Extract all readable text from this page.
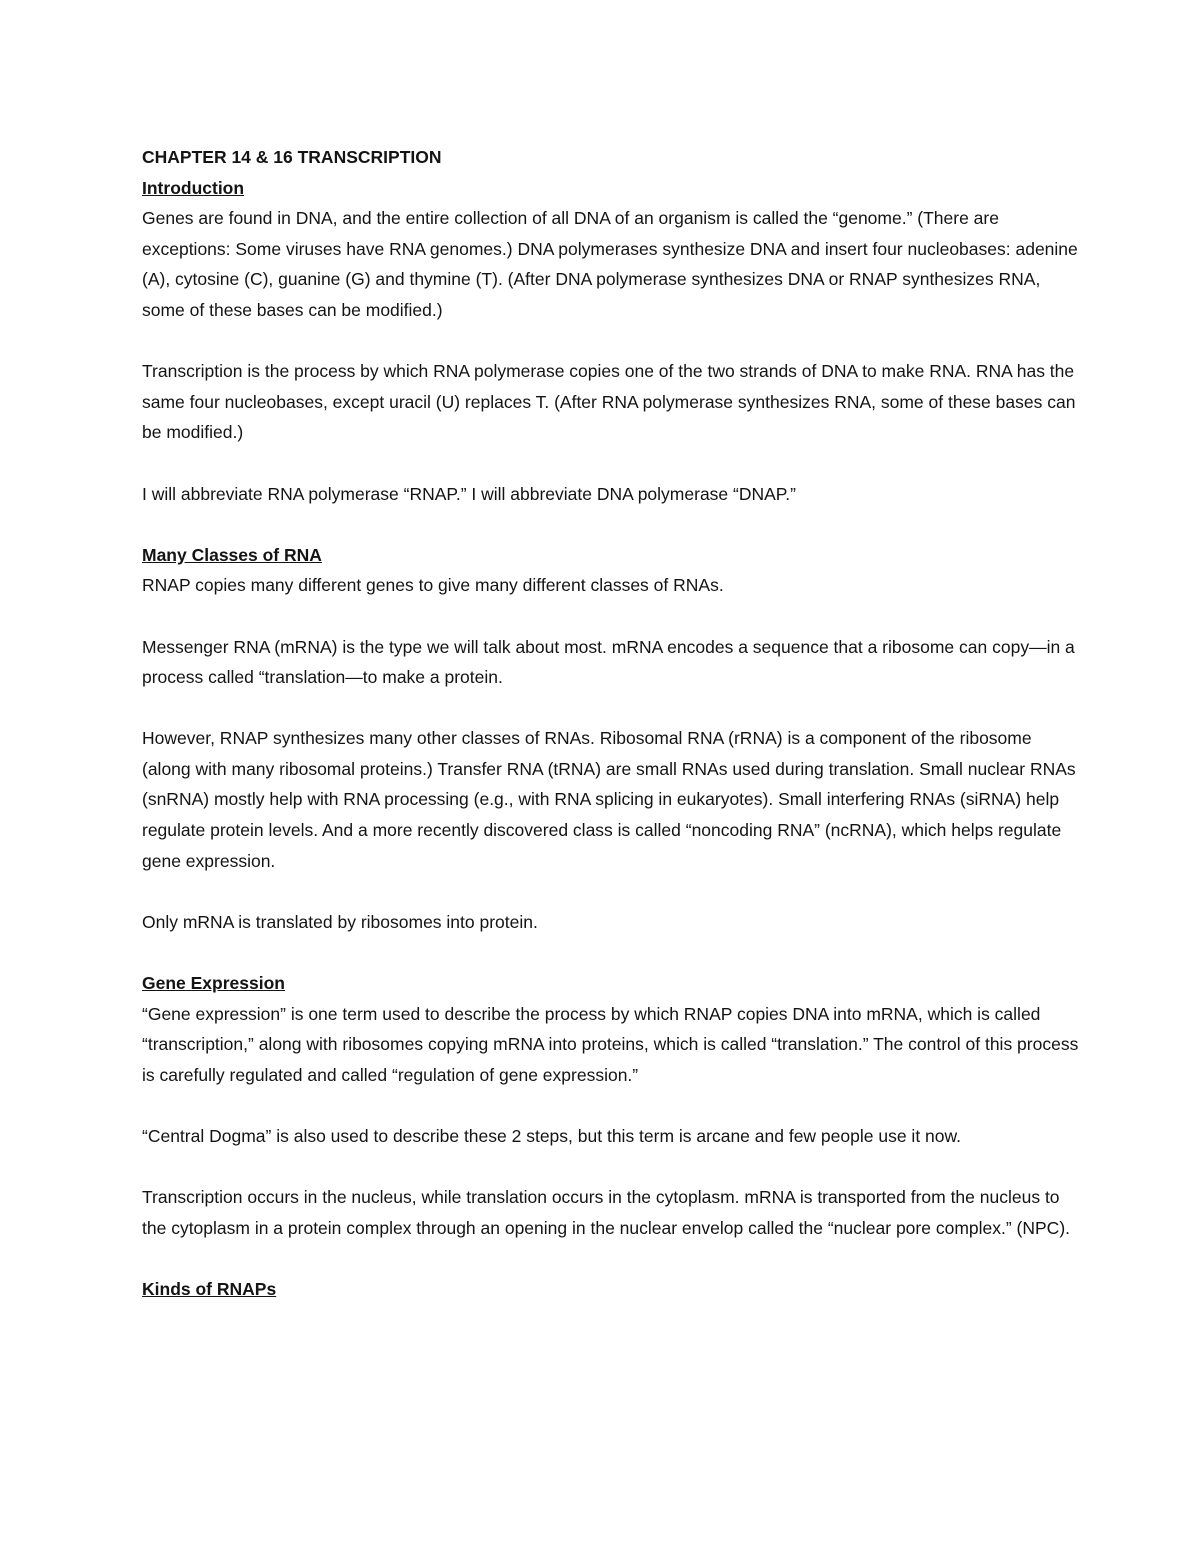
CHAPTER 14 & 16 TRANSCRIPTION

Introduction

Genes are found in DNA, and the entire collection of all DNA of an organism is called the “genome.” (There are exceptions: Some viruses have RNA genomes.) DNA polymerases synthesize DNA and insert four nucleobases: adenine (A), cytosine (C), guanine (G) and thymine (T). (After DNA polymerase synthesizes DNA or RNAP synthesizes RNA, some of these bases can be modified.)

Transcription is the process by which RNA polymerase copies one of the two strands of DNA to make RNA. RNA has the same four nucleobases, except uracil (U) replaces T. (After RNA polymerase synthesizes RNA, some of these bases can be modified.)

I will abbreviate RNA polymerase “RNAP.” I will abbreviate DNA polymerase “DNAP.”

Many Classes of RNA

RNAP copies many different genes to give many different classes of RNAs.

Messenger RNA (mRNA) is the type we will talk about most. mRNA encodes a sequence that a ribosome can copy—in a process called “translation—to make a protein.

However, RNAP synthesizes many other classes of RNAs. Ribosomal RNA (rRNA) is a component of the ribosome (along with many ribosomal proteins.) Transfer RNA (tRNA) are small RNAs used during translation. Small nuclear RNAs (snRNA) mostly help with RNA processing (e.g., with RNA splicing in eukaryotes). Small interfering RNAs (siRNA) help regulate protein levels. And a more recently discovered class is called “noncoding RNA” (ncRNA), which helps regulate gene expression.

Only mRNA is translated by ribosomes into protein.

Gene Expression

“Gene expression” is one term used to describe the process by which RNAP copies DNA into mRNA, which is called “transcription,” along with ribosomes copying mRNA into proteins, which is called “translation.” The control of this process is carefully regulated and called “regulation of gene expression.”

“Central Dogma” is also used to describe these 2 steps, but this term is arcane and few people use it now.

Transcription occurs in the nucleus, while translation occurs in the cytoplasm. mRNA is transported from the nucleus to the cytoplasm in a protein complex through an opening in the nuclear envelop called the “nuclear pore complex.” (NPC).

Kinds of RNAPs
